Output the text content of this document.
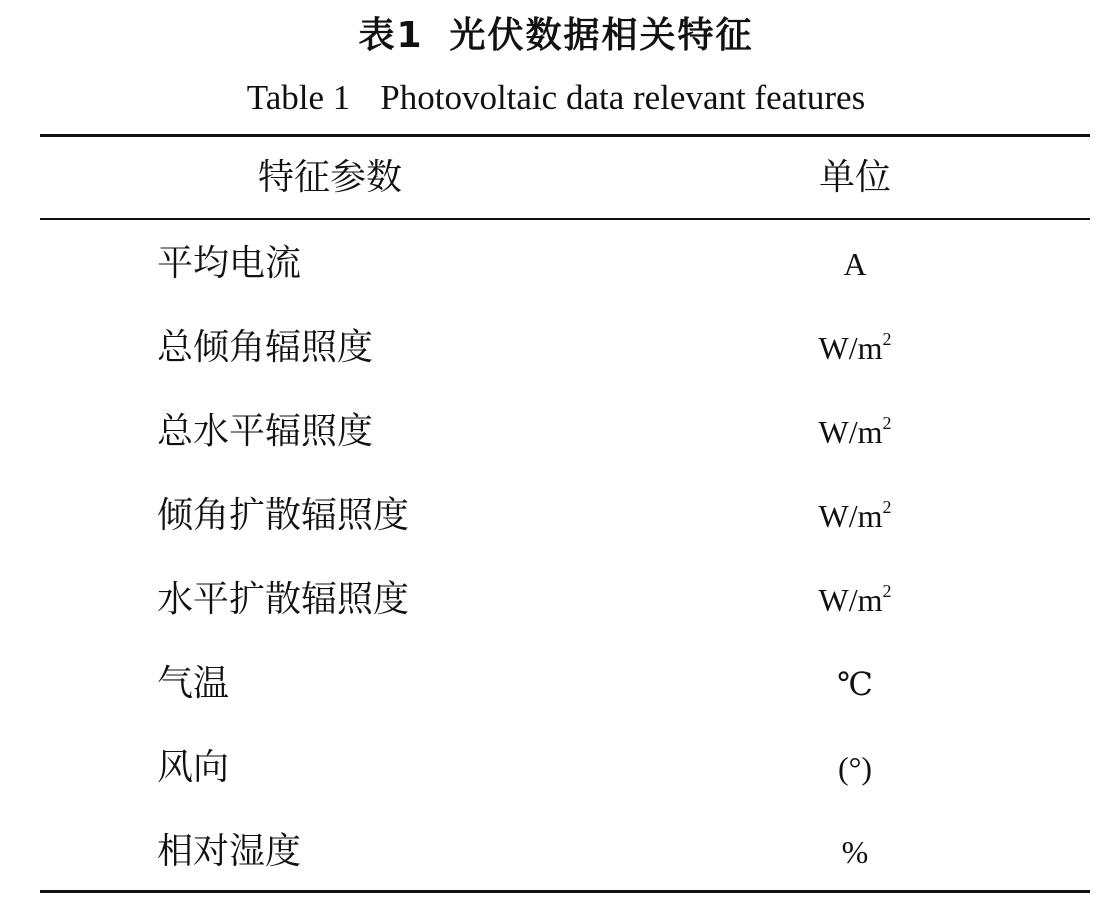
表1 光伏数据相关特征
Table 1 Photovoltaic data relevant features
特征参数	单位
平均电流	A
总倾角辐照度	$W/m^2$
总水平辐照度	$W/m^2$
倾角扩散辐照度	$W/m^2$
水平扩散辐照度	$W/m^2$
气温	℃
风向	(°)
相对湿度	%
